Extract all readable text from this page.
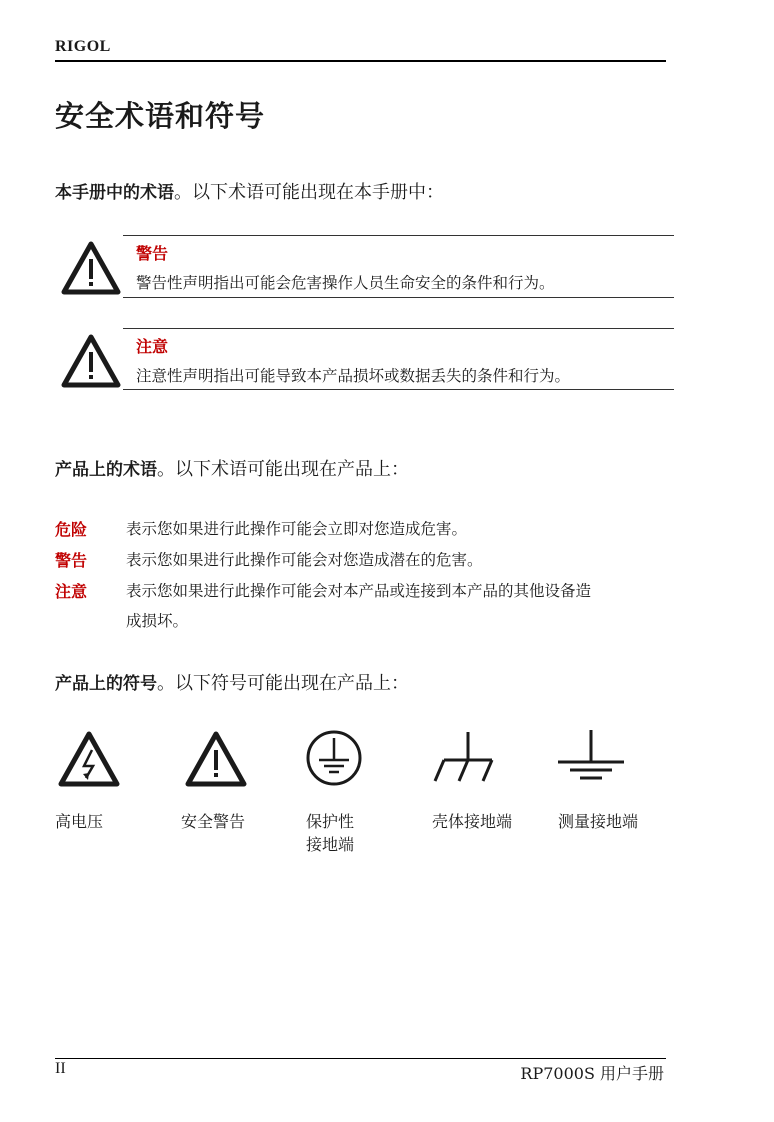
RIGOL
安全术语和符号
本手册中的术语。以下术语可能出现在本手册中：
警告
警告性声明指出可能会危害操作人员生命安全的条件和行为。
注意
注意性声明指出可能导致本产品损坏或数据丢失的条件和行为。
产品上的术语。以下术语可能出现在产品上：
危险	表示您如果进行此操作可能会立即对您造成危害。
警告	表示您如果进行此操作可能会对您造成潜在的危害。
注意	表示您如果进行此操作可能会对本产品或连接到本产品的其他设备造
成损坏。
产品上的符号。以下符号可能出现在产品上：
高电压	安全警告	保护性
接地端
壳体接地端	测量接地端
II	RP7000S 用户手册
